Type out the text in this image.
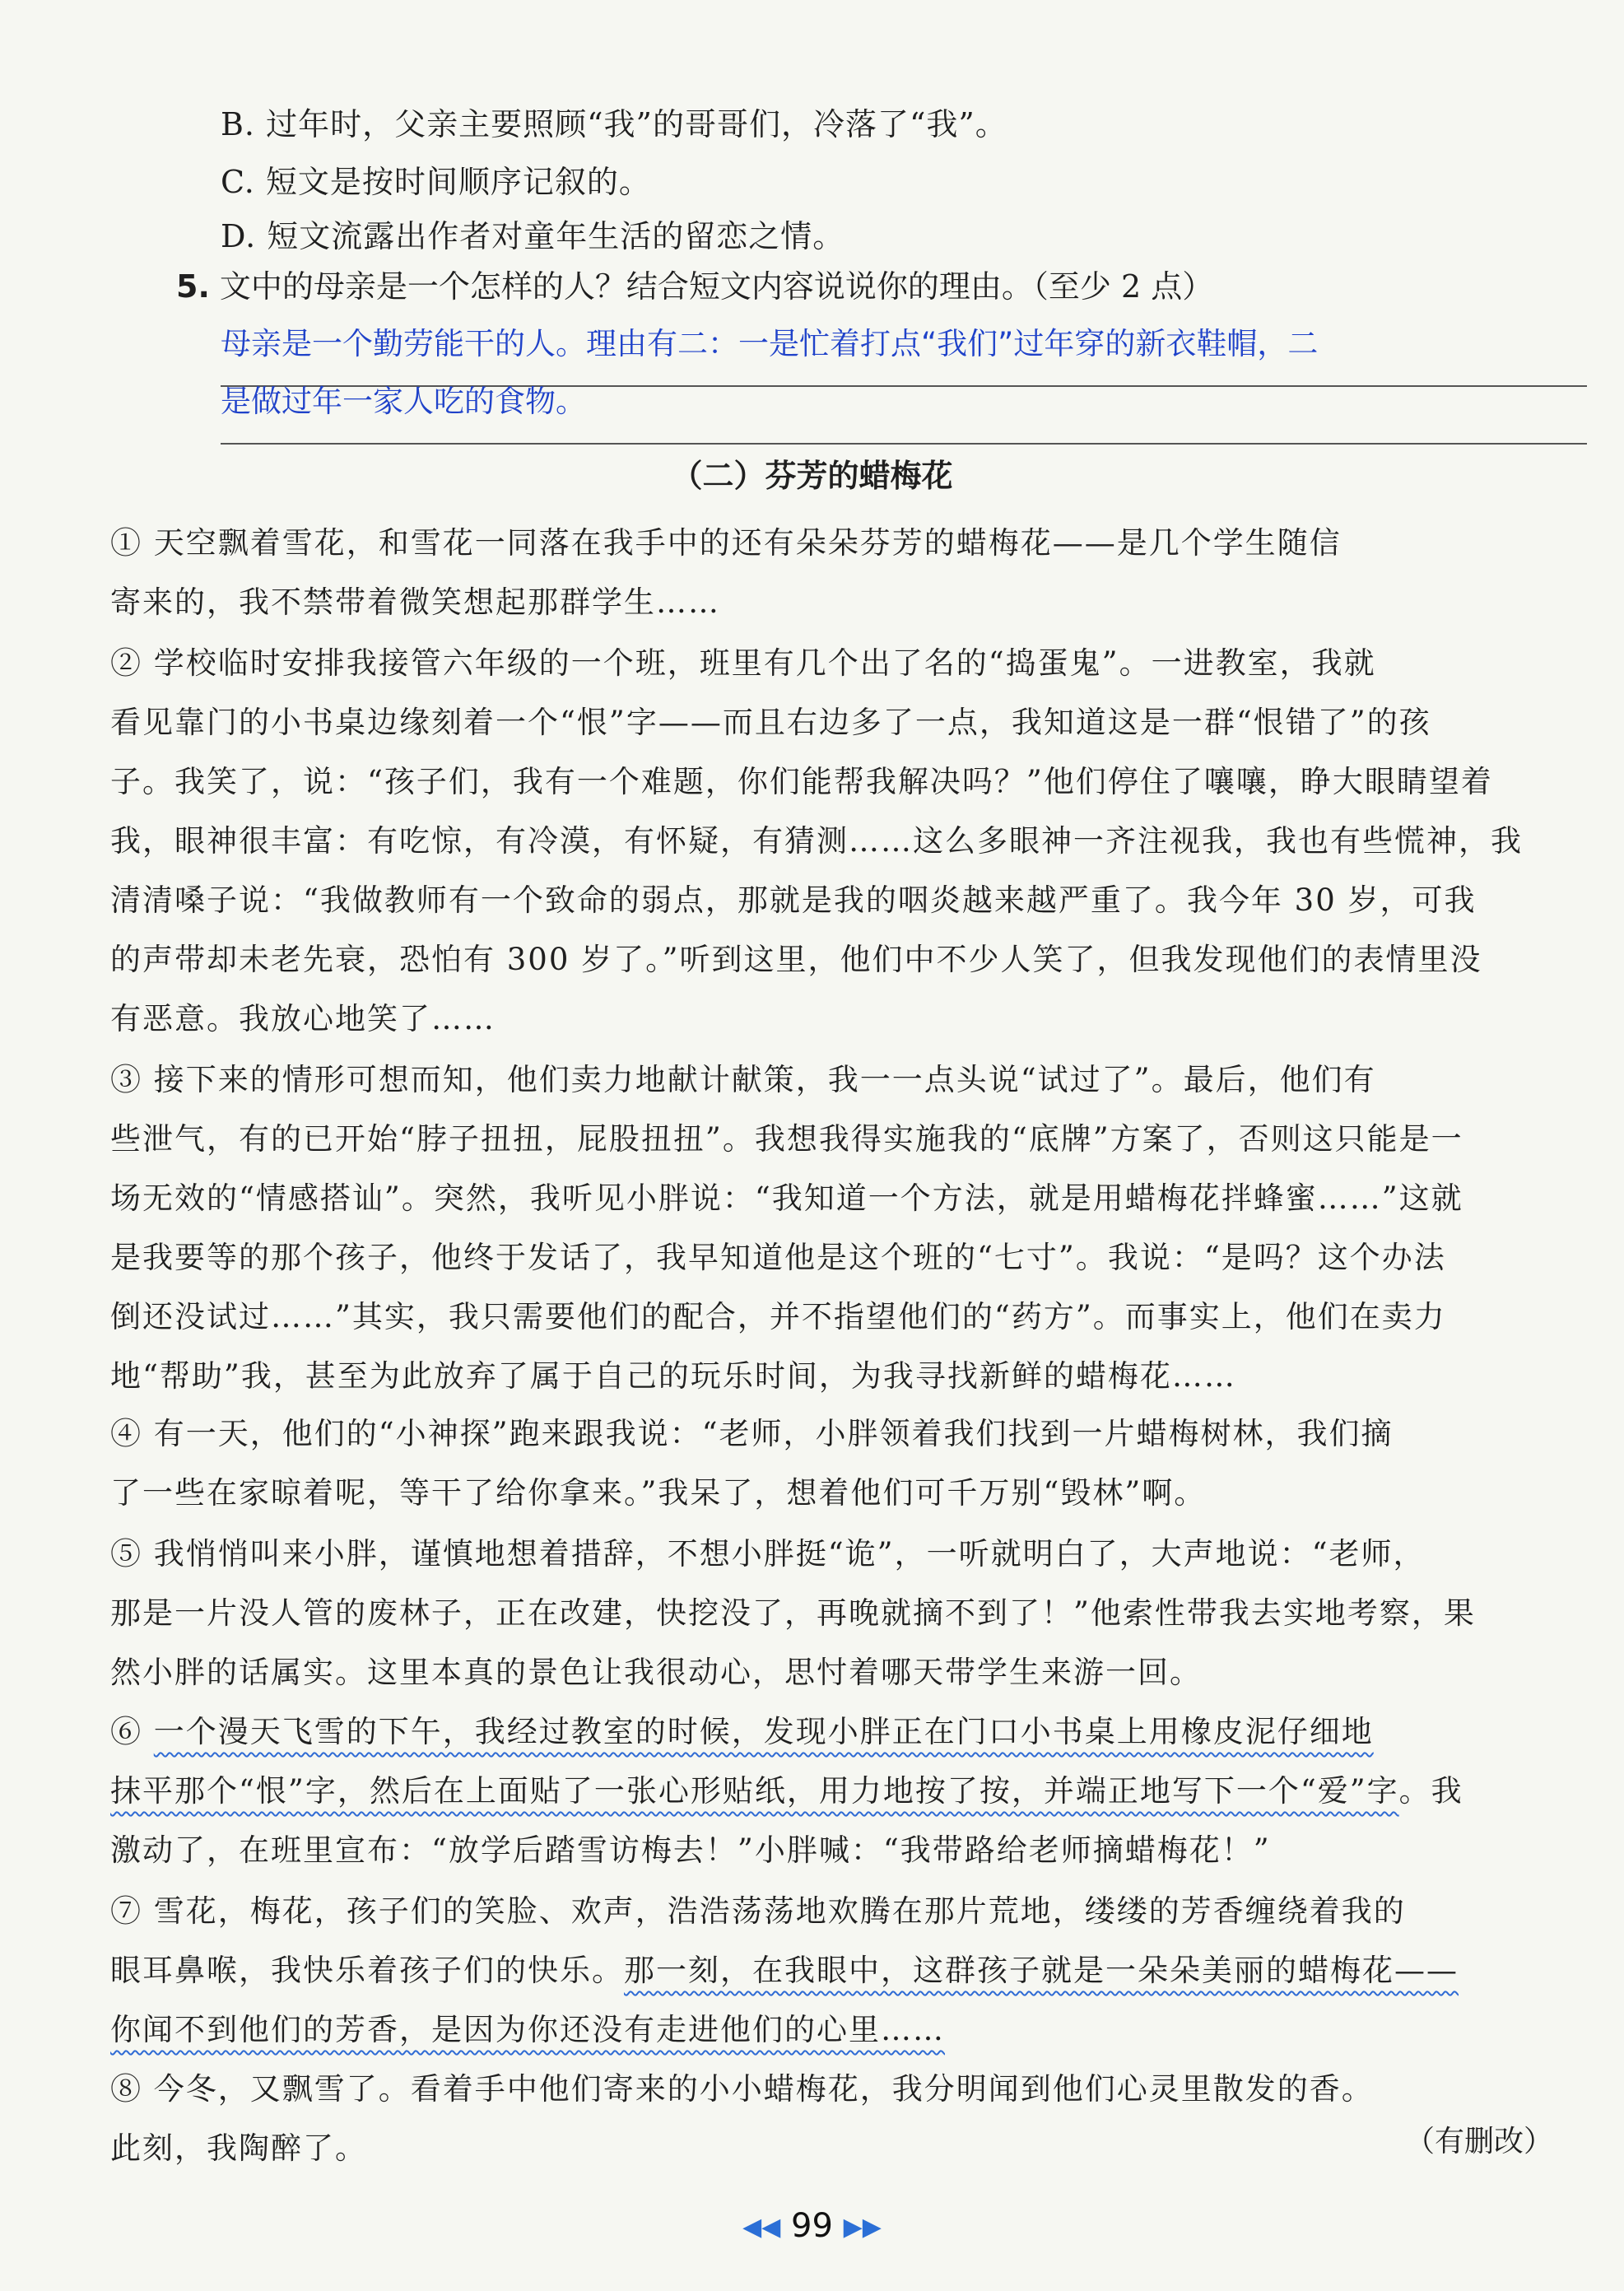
B. 过年时，父亲主要照顾“我”的哥哥们，冷落了“我”。
C. 短文是按时间顺序记叙的。
D. 短文流露出作者对童年生活的留恋之情。
5. 文中的母亲是一个怎样的人？结合短文内容说说你的理由。（至少 2 点）
母亲是一个勤劳能干的人。理由有二：一是忙着打点“我们”过年穿的新衣鞋帽，二
是做过年一家人吃的食物。
（二）芬芳的蜡梅花

① 天空飘着雪花，和雪花一同落在我手中的还有朵朵芬芳的蜡梅花——是几个学生随信

寄来的，我不禁带着微笑想起那群学生……

② 学校临时安排我接管六年级的一个班，班里有几个出了名的“捣蛋鬼”。一进教室，我就

看见靠门的小书桌边缘刻着一个“恨”字——而且右边多了一点，我知道这是一群“恨错了”的孩

子。我笑了，说：“孩子们，我有一个难题，你们能帮我解决吗？”他们停住了嚷嚷，睁大眼睛望着

我，眼神很丰富：有吃惊，有冷漠，有怀疑，有猜测……这么多眼神一齐注视我，我也有些慌神，我

清清嗓子说：“我做教师有一个致命的弱点，那就是我的咽炎越来越严重了。我今年 30 岁，可我

的声带却未老先衰，恐怕有 300 岁了。”听到这里，他们中不少人笑了，但我发现他们的表情里没

有恶意。我放心地笑了……

③ 接下来的情形可想而知，他们卖力地献计献策，我一一点头说“试过了”。最后，他们有

些泄气，有的已开始“脖子扭扭，屁股扭扭”。我想我得实施我的“底牌”方案了，否则这只能是一

场无效的“情感搭讪”。突然，我听见小胖说：“我知道一个方法，就是用蜡梅花拌蜂蜜……”这就

是我要等的那个孩子，他终于发话了，我早知道他是这个班的“七寸”。我说：“是吗？这个办法

倒还没试过……”其实，我只需要他们的配合，并不指望他们的“药方”。而事实上，他们在卖力

地“帮助”我，甚至为此放弃了属于自己的玩乐时间，为我寻找新鲜的蜡梅花……

④ 有一天，他们的“小神探”跑来跟我说：“老师，小胖领着我们找到一片蜡梅树林，我们摘

了一些在家晾着呢，等干了给你拿来。”我呆了，想着他们可千万别“毁林”啊。

⑤ 我悄悄叫来小胖，谨慎地想着措辞，不想小胖挺“诡”，一听就明白了，大声地说：“老师，

那是一片没人管的废林子，正在改建，快挖没了，再晚就摘不到了！”他索性带我去实地考察，果

然小胖的话属实。这里本真的景色让我很动心，思忖着哪天带学生来游一回。

⑥ 一个漫天飞雪的下午，我经过教室的时候，发现小胖正在门口小书桌上用橡皮泥仔细地

抹平那个“恨”字，然后在上面贴了一张心形贴纸，用力地按了按，并端正地写下一个“爱”字。我

激动了，在班里宣布：“放学后踏雪访梅去！”小胖喊：“我带路给老师摘蜡梅花！”

⑦ 雪花，梅花，孩子们的笑脸、欢声，浩浩荡荡地欢腾在那片荒地，缕缕的芳香缠绕着我的

眼耳鼻喉，我快乐着孩子们的快乐。那一刻，在我眼中，这群孩子就是一朵朵美丽的蜡梅花——

你闻不到他们的芳香，是因为你还没有走进他们的心里……

⑧ 今冬，又飘雪了。看着手中他们寄来的小小蜡梅花，我分明闻到他们心灵里散发的香。

此刻，我陶醉了。	（有删改）
◀◀ 99 ▶▶
